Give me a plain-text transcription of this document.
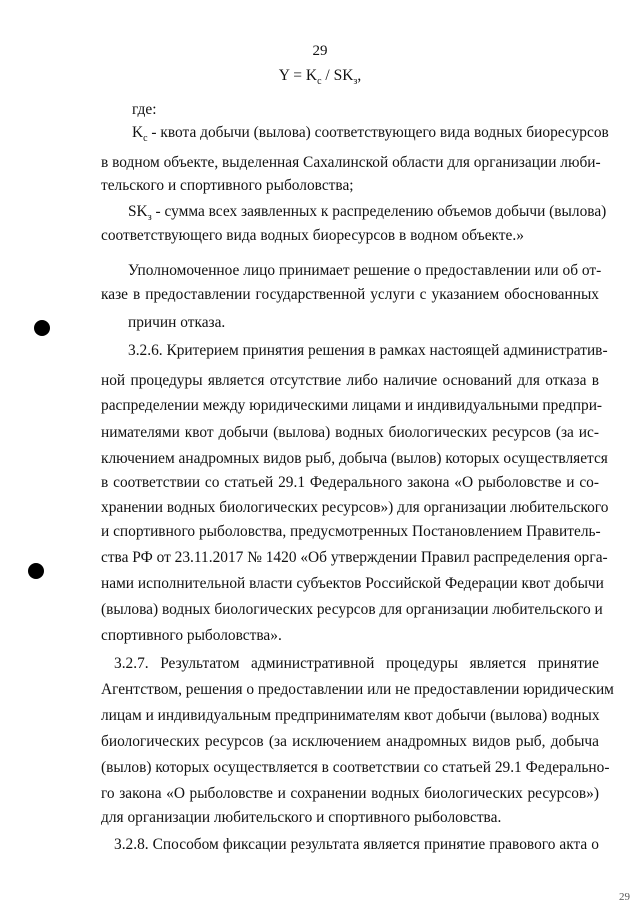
29
$Y = K_c / SK_з$,
где:
$K_c$ - квота добычи (вылова) соответствующего вида водных биоресурсов
в водном объекте, выделенная Сахалинской области для организации люби-
тельского и спортивного рыболовства;
$SK_з$ - сумма всех заявленных к распределению объемов добычи (вылова)
соответствующего вида водных биоресурсов в водном объекте.»
Уполномоченное лицо принимает решение о предоставлении или об от-
казе в предоставлении государственной услуги с указанием обоснованных
причин отказа.
3.2.6. Критерием принятия решения в рамках настоящей административ-
ной процедуры является отсутствие либо наличие оснований для отказа в
распределении между юридическими лицами и индивидуальными предпри-
нимателями квот добычи (вылова) водных биологических ресурсов (за ис-
ключением анадромных видов рыб, добыча (вылов) которых осуществляется
в соответствии со статьей 29.1 Федерального закона «О рыболовстве и со-
хранении водных биологических ресурсов») для организации любительского
и спортивного рыболовства, предусмотренных Постановлением Правитель-
ства РФ от 23.11.2017 № 1420 «Об утверждении Правил распределения орга-
нами исполнительной власти субъектов Российской Федерации квот добычи
(вылова) водных биологических ресурсов для организации любительского и
спортивного рыболовства».
3.2.7. Результатом административной процедуры является принятие
Агентством, решения о предоставлении или не предоставлении юридическим
лицам и индивидуальным предпринимателям квот добычи (вылова) водных
биологических ресурсов (за исключением анадромных видов рыб, добыча
(вылов) которых осуществляется в соответствии со статьей 29.1 Федерально-
го закона «О рыболовстве и сохранении водных биологических ресурсов»)
для организации любительского и спортивного рыболовства.
3.2.8. Способом фиксации результата является принятие правового акта о
29
